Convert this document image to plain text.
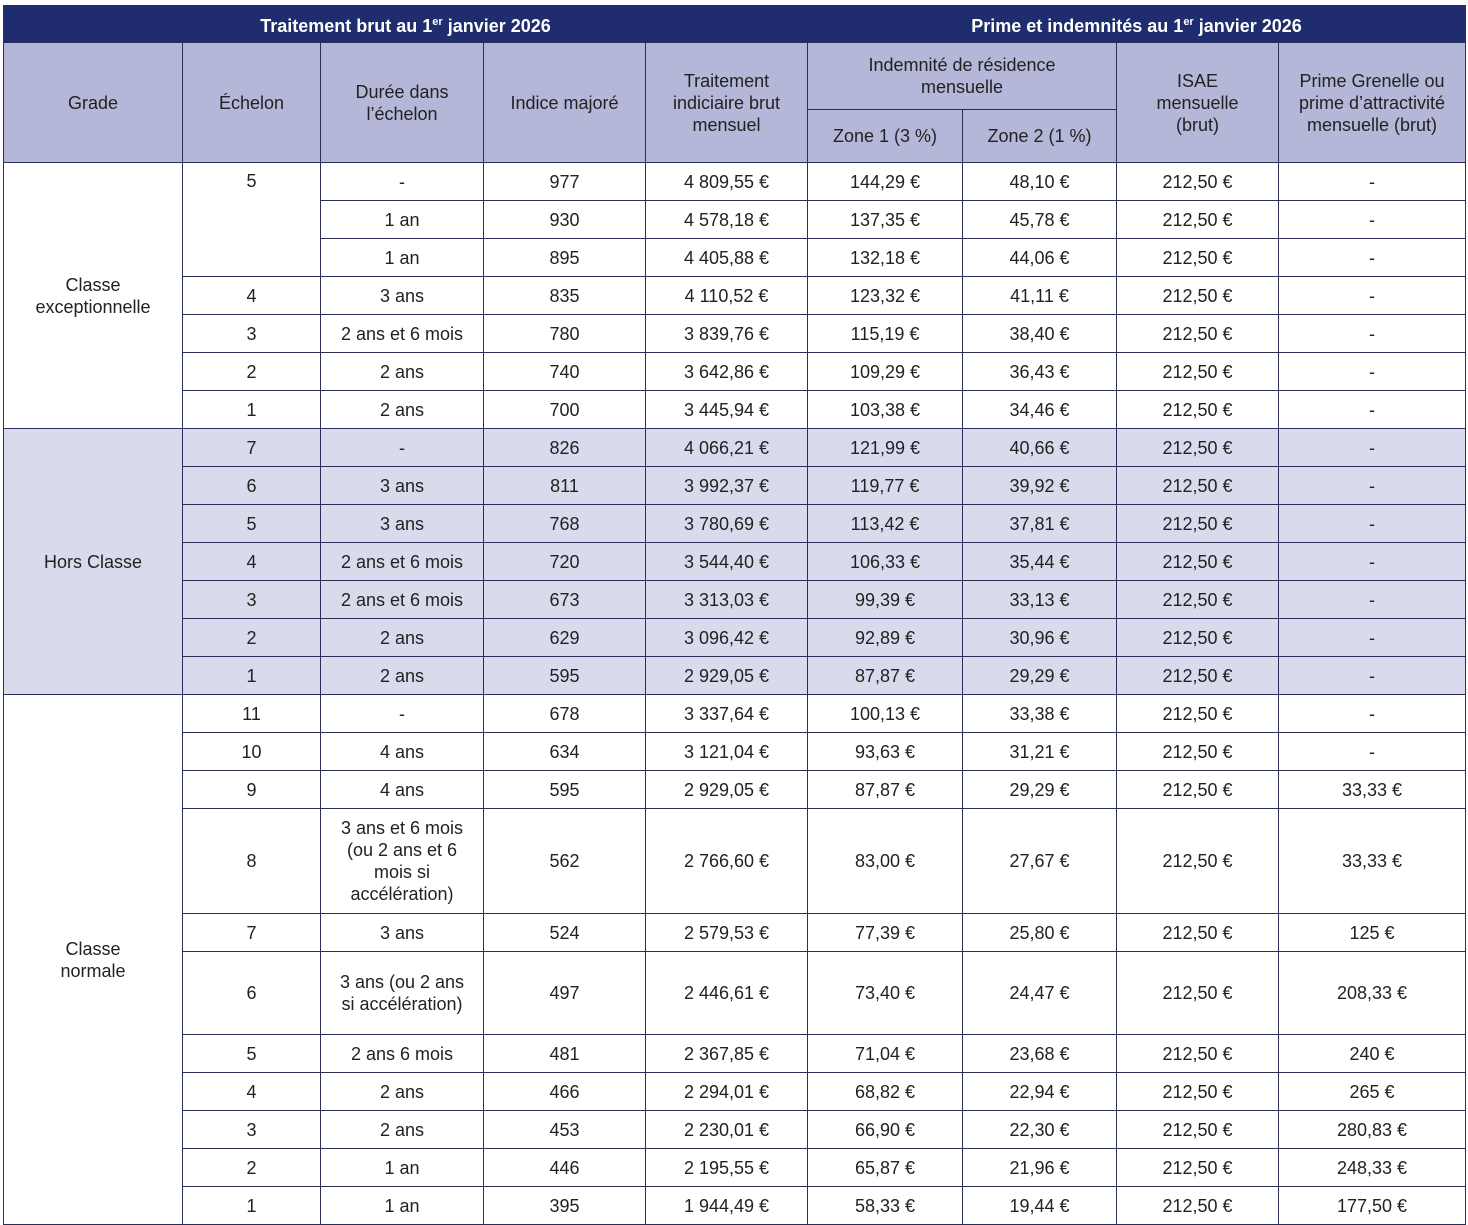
Traitement brut au 1er janvier 2026					Prime et indemnités au 1er janvier 2026			
Grade	Échelon	Durée dans l’échelon	Indice majoré	Traitement indiciaire brut mensuel	Indemnité de résidence mensuelle		ISAE mensuelle (brut)	Prime Grenelle ou prime d’attractivité mensuelle (brut)
					Zone 1 (3 %)	Zone 2 (1 %)		
Classe exceptionnelle	5	-	977	4 809,55 €	144,29 €	48,10 €	212,50 €	-
		1 an	930	4 578,18 €	137,35 €	45,78 €	212,50 €	-
		1 an	895	4 405,88 €	132,18 €	44,06 €	212,50 €	-
	4	3 ans	835	4 110,52 €	123,32 €	41,11 €	212,50 €	-
	3	2 ans et 6 mois	780	3 839,76 €	115,19 €	38,40 €	212,50 €	-
	2	2 ans	740	3 642,86 €	109,29 €	36,43 €	212,50 €	-
	1	2 ans	700	3 445,94 €	103,38 €	34,46 €	212,50 €	-
Hors Classe	7	-	826	4 066,21 €	121,99 €	40,66 €	212,50 €	-
	6	3 ans	811	3 992,37 €	119,77 €	39,92 €	212,50 €	-
	5	3 ans	768	3 780,69 €	113,42 €	37,81 €	212,50 €	-
	4	2 ans et 6 mois	720	3 544,40 €	106,33 €	35,44 €	212,50 €	-
	3	2 ans et 6 mois	673	3 313,03 €	99,39 €	33,13 €	212,50 €	-
	2	2 ans	629	3 096,42 €	92,89 €	30,96 €	212,50 €	-
	1	2 ans	595	2 929,05 €	87,87 €	29,29 €	212,50 €	-
Classe normale	11	-	678	3 337,64 €	100,13 €	33,38 €	212,50 €	-
	10	4 ans	634	3 121,04 €	93,63 €	31,21 €	212,50 €	-
	9	4 ans	595	2 929,05 €	87,87 €	29,29 €	212,50 €	33,33 €
	8	3 ans et 6 mois (ou 2 ans et 6 mois si accélération)	562	2 766,60 €	83,00 €	27,67 €	212,50 €	33,33 €
	7	3 ans	524	2 579,53 €	77,39 €	25,80 €	212,50 €	125 €
	6	3 ans (ou 2 ans si accélération)	497	2 446,61 €	73,40 €	24,47 €	212,50 €	208,33 €
	5	2 ans 6 mois	481	2 367,85 €	71,04 €	23,68 €	212,50 €	240 €
	4	2 ans	466	2 294,01 €	68,82 €	22,94 €	212,50 €	265 €
	3	2 ans	453	2 230,01 €	66,90 €	22,30 €	212,50 €	280,83 €
	2	1 an	446	2 195,55 €	65,87 €	21,96 €	212,50 €	248,33 €
	1	1 an	395	1 944,49 €	58,33 €	19,44 €	212,50 €	177,50 €
